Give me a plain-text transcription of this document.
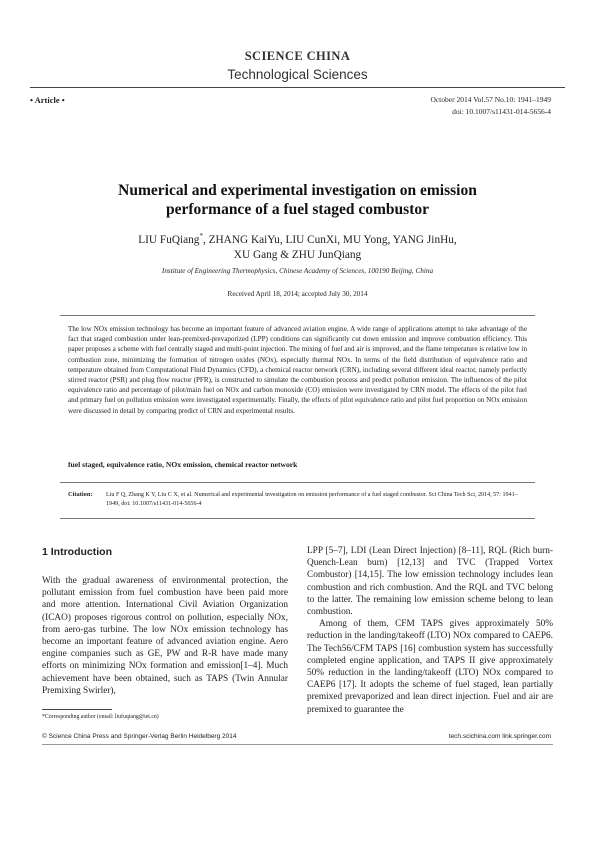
SCIENCE CHINA
Technological Sciences
• Article •	October 2014 Vol.57 No.10: 1941–1949
doi: 10.1007/s11431-014-5656-4
Numerical and experimental investigation on emission
performance of a fuel staged combustor
LIU FuQiang*, ZHANG KaiYu, LIU CunXi, MU Yong, YANG JinHu,
XU Gang & ZHU JunQiang
Institute of Engineering Thermophysics, Chinese Academy of Sciences, 100190 Beijing, China
Received April 18, 2014; accepted July 30, 2014
The low NOx emission technology has become an important feature of advanced aviation engine. A wide range of applications attempt to take advantage of the fact that staged combustion under lean-premixed-prevaporized (LPP) conditions can significantly cut down emission and improve combustion efficiency. This paper proposes a scheme with fuel centrally staged and multi-point injection. The mixing of fuel and air is improved, and the flame temperature is relative low in combustion zone, minimizing the formation of nitrogen oxides (NOx), especially thermal NOx. In terms of the field distribution of equivalence ratio and temperature obtained from Computational Fluid Dynamics (CFD), a chemical reactor network (CRN), including several different ideal reactor, namely perfectly stirred reactor (PSR) and plug flow reactor (PFR), is constructed to simulate the combustion process and predict pollution emission. The influences of the pilot equivalence ratio and percentage of pilot/main fuel on NOx and carbon monoxide (CO) emission were investigated by CRN model. The effects of the pilot fuel and primary fuel on pollution emission were investigated experimentally. Finally, the effects of pilot equivalence ratio and pilot fuel proportion on NOx emission were discussed in detail by comparing predict of CRN and experimental results.
fuel staged, equivalence ratio, NOx emission, chemical reactor network
Citation: Liu F Q, Zhang K Y, Liu C X, et al. Numerical and experimental investigation on emission performance of a fuel staged combustor. Sci China Tech Sci, 2014, 57: 1941–1949, doi: 10.1007/s11431-014-5656-4
1 Introduction
With the gradual awareness of environmental protection, the pollutant emission from fuel combustion have been paid more and more attention. International Civil Aviation Organization (ICAO) proposes rigorous control on pollution, especially NOx, from aero-gas turbine. The low NOx emission technology has become an important feature of advanced aviation engine. Aero engine companies such as GE, PW and R-R have made many efforts on minimizing NOx formation and emission[1–4]. Much achievement have been obtained, such as TAPS (Twin Annular Premixing Swirler),
LPP [5–7], LDI (Lean Direct Injection) [8–11], RQL (Rich burn-Quench-Lean burn) [12,13] and TVC (Trapped Vortex Combustor) [14,15]. The low emission technology includes lean combustion and rich combustion. And the RQL and TVC belong to the latter. The remaining low emission scheme belong to lean combustion.
Among of them, CFM TAPS gives approximately 50% reduction in the landing/takeoff (LTO) NOx compared to CAEP6. The Tech56/CFM TAPS [16] combustion system has successfully completed engine application, and TAPS II give approximately 50% reduction in the landing/takeoff (LTO) NOx compared to CAEP6 [17]. It adopts the scheme of fuel staged, lean partially premixed prevaporized and lean direct injection. Fuel and air are premixed to guarantee the
*Corresponding author (email: liufuqiang@iet.cn)
© Science China Press and Springer-Verlag Berlin Heidelberg 2014	tech.scichina.com link.springer.com
